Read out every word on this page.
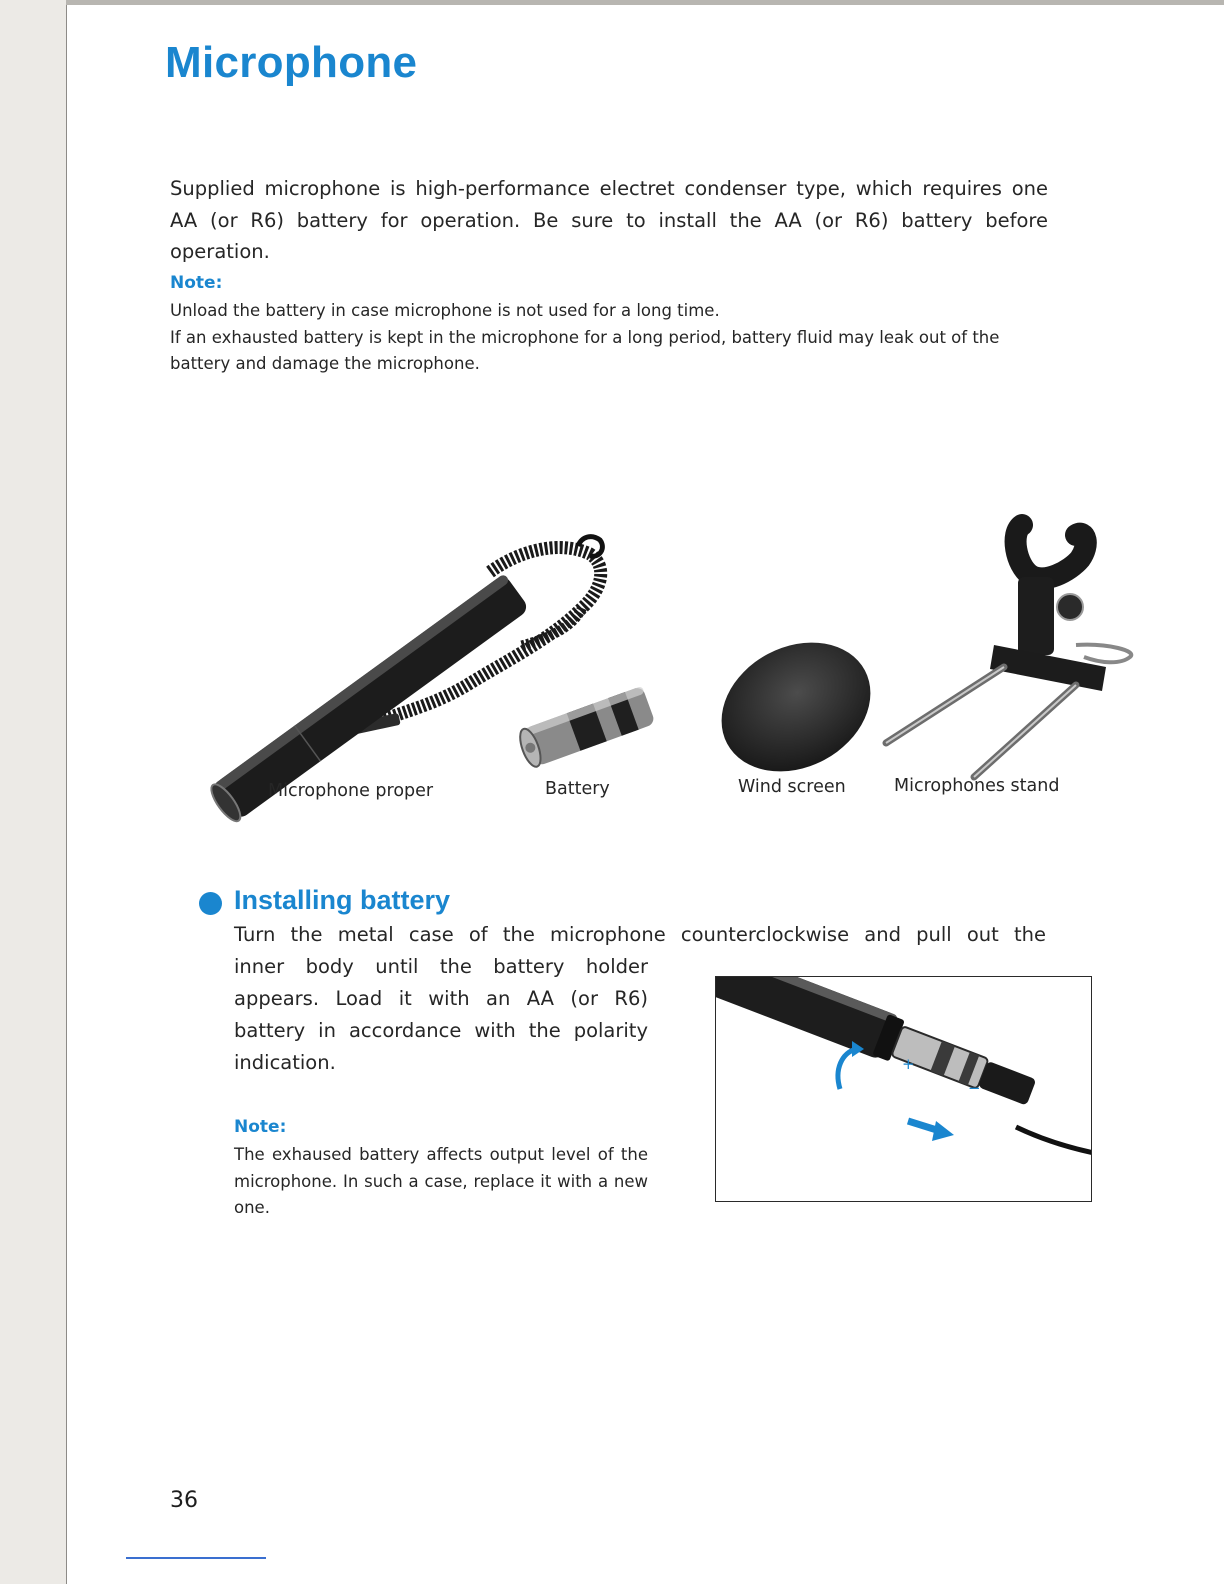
Microphone

Supplied microphone is high-performance electret condenser type, which requires one AA (or R6) battery for operation. Be sure to install the AA (or R6) battery before operation.

Note:

Unload the battery in case microphone is not used for a long time.
If an exhausted battery is kept in the microphone for a long period, battery fluid may leak out of the battery and damage the microphone.

Microphone proper	Battery	Wind screen	Microphones stand

Installing battery

Turn the metal case of the microphone counterclockwise and pull out the

inner body until the battery holder appears. Load it with an AA (or R6) battery in accordance with the polarity indication.

Note:

The exhaused battery affects output level of the microphone. In such a case, replace it with a new one.

+
−

36
